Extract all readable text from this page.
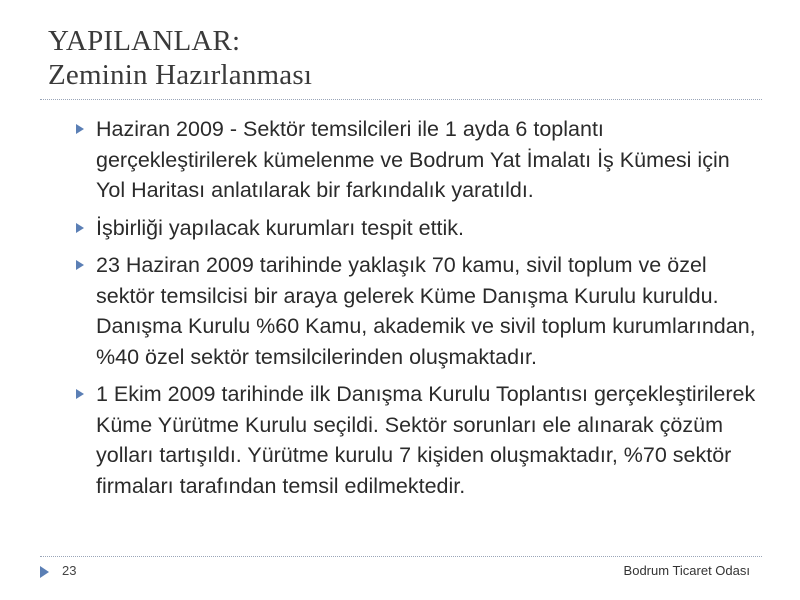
YAPILANLAR:
Zeminin Hazırlanması
Haziran 2009 - Sektör temsilcileri ile 1 ayda 6 toplantı gerçekleştirilerek kümelenme ve Bodrum Yat İmalatı İş Kümesi için Yol Haritası anlatılarak bir farkındalık yaratıldı.
İşbirliği yapılacak kurumları tespit ettik.
23 Haziran 2009 tarihinde yaklaşık 70 kamu, sivil toplum ve özel sektör temsilcisi bir araya gelerek Küme Danışma Kurulu kuruldu. Danışma Kurulu %60 Kamu, akademik ve sivil toplum kurumlarından, %40 özel sektör temsilcilerinden oluşmaktadır.
1 Ekim 2009 tarihinde ilk Danışma Kurulu Toplantısı gerçekleştirilerek Küme Yürütme Kurulu seçildi. Sektör sorunları ele alınarak çözüm yolları tartışıldı. Yürütme kurulu 7 kişiden oluşmaktadır, %70 sektör firmaları tarafından temsil edilmektedir.
23	Bodrum Ticaret Odası
